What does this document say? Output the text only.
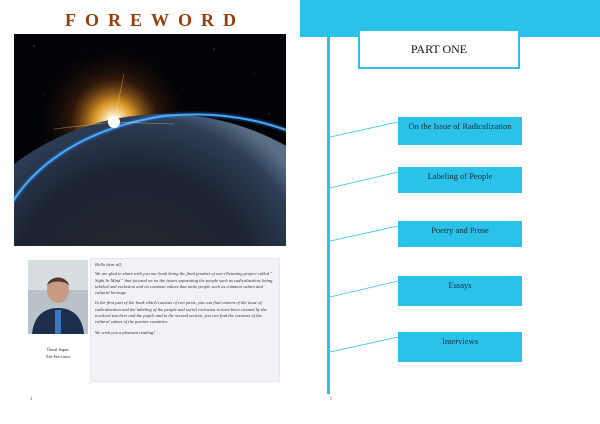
FOREWORD
Ünsal Sapar
Zile Fen Lisesi

Hello dear all,

We are glad to share with you our book being the final product of our eTwinning project called " Sight In Mind " that focused on on the issues separating the people such as radicalization, being labeled and exclusion and on common values that unite people such as common values and cultural heritage.

In the first part of the book which consists of two parts, you can find content of the issue of radicalization and the labeling of the people and social exclusion to have been created by the involved teachers and the pupils and in the second section, you can find the contents of the cultural values of the partner countries.

We wish you a pleasant reading!

4
PART ONE
On the Issue of Radicalization
Labeling of People
Poetry and Prose
Essays
Interviews
5
